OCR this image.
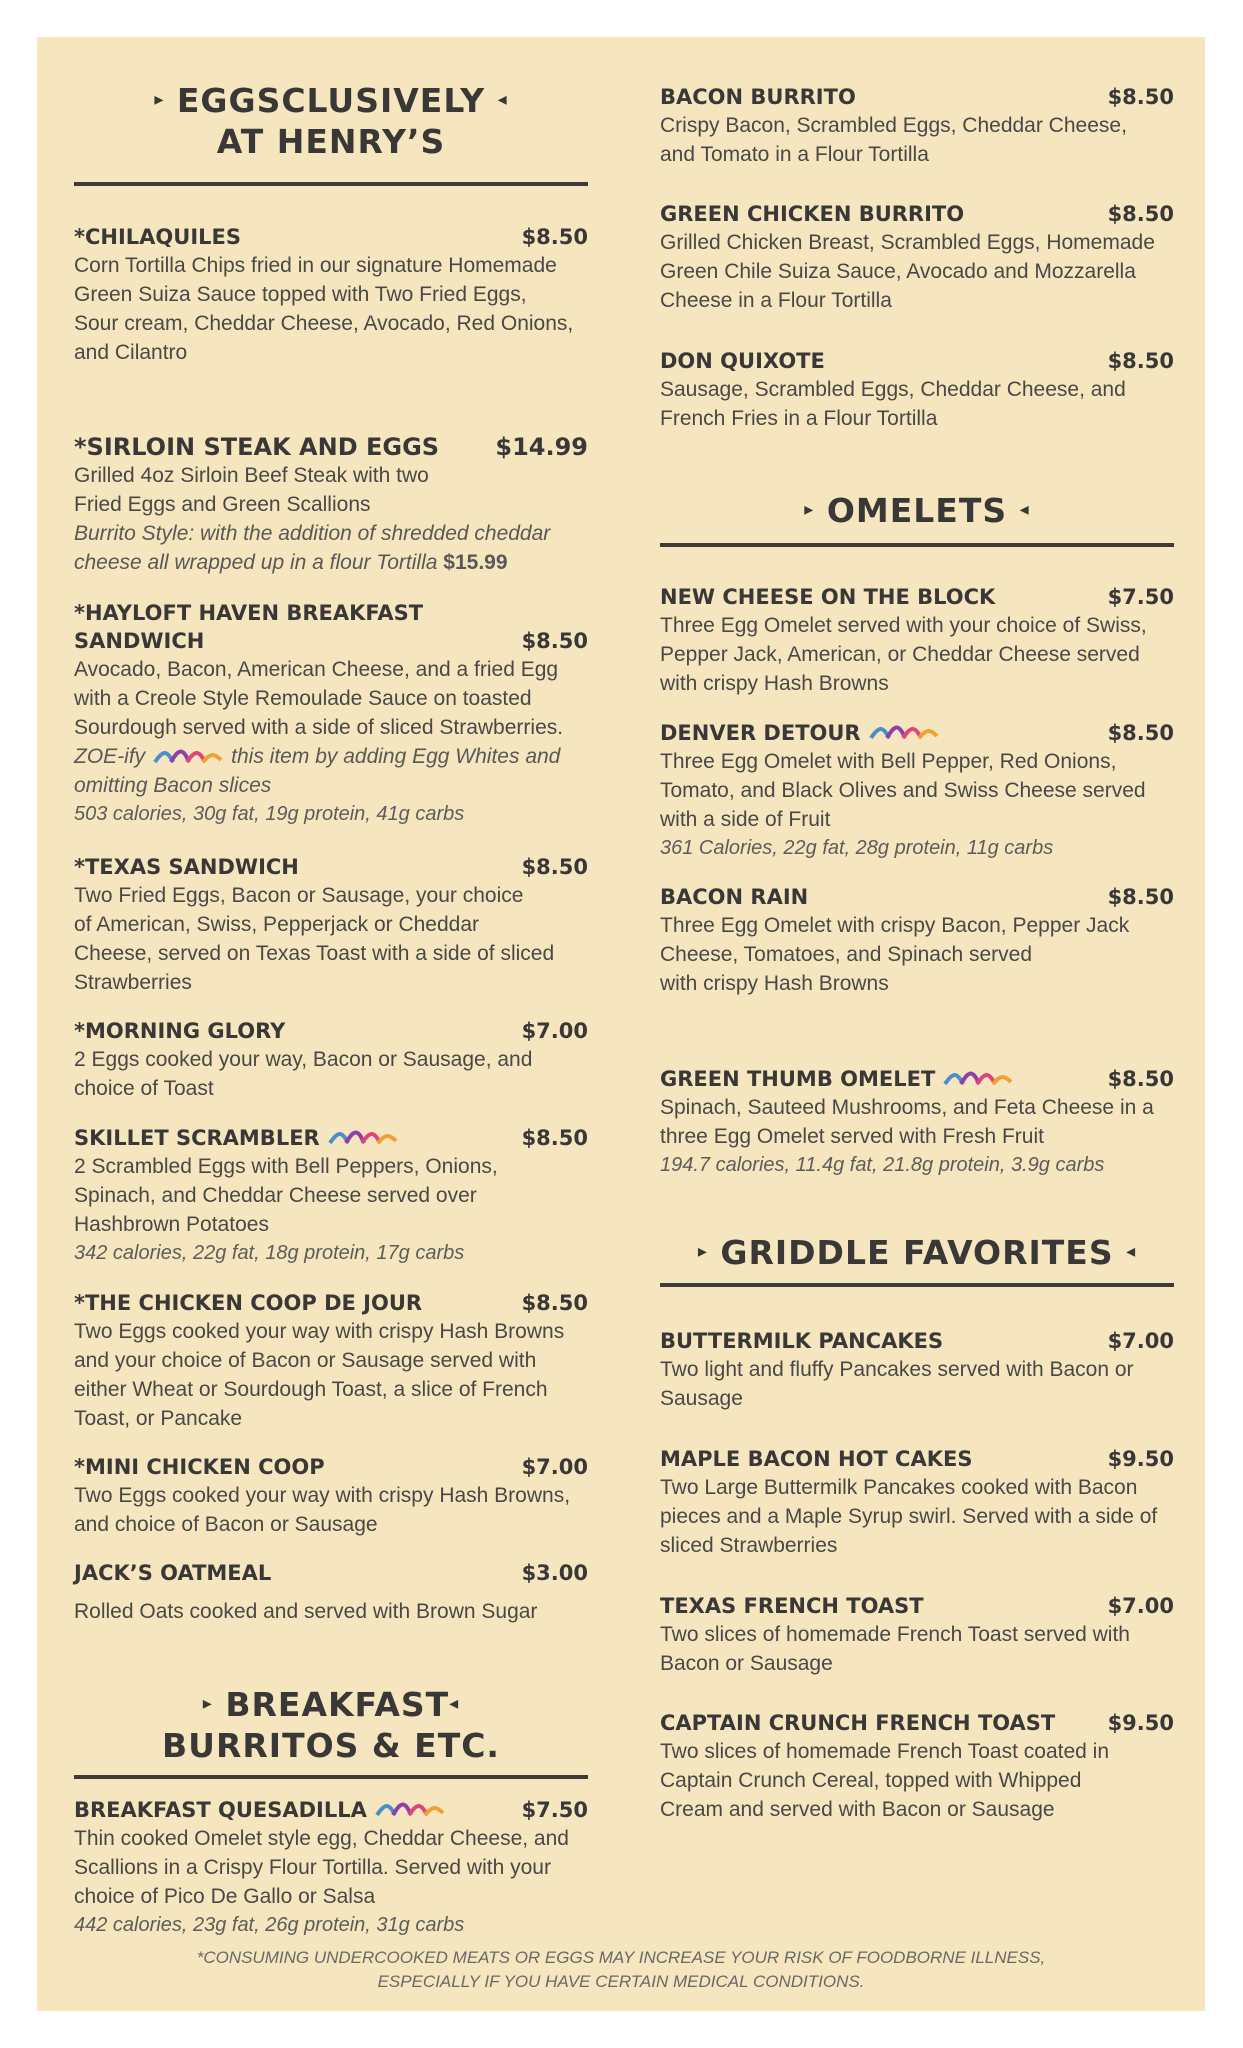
▸ EGGSCLUSIVELY ◂
AT HENRY’S
*CHILAQUILES	$8.50

Corn Tortilla Chips fried in our signature Homemade

Green Suiza Sauce topped with Two Fried Eggs,

Sour cream, Cheddar Cheese, Avocado, Red Onions,

and Cilantro

*SIRLOIN STEAK AND EGGS $14.99

Grilled 4oz Sirloin Beef Steak with two

Fried Eggs and Green Scallions

Burrito Style: with the addition of shredded cheddar

cheese all wrapped up in a flour Tortilla $15.99

*HAYLOFT HAVEN BREAKFAST
SANDWICH	$8.50

Avocado, Bacon, American Cheese, and a fried Egg

with a Creole Style Remoulade Sauce on toasted

Sourdough served with a side of sliced Strawberries.

ZOE-ify	this item by adding Egg Whites and

omitting Bacon slices

503 calories, 30g fat, 19g protein, 41g carbs

*TEXAS SANDWICH	$8.50

Two Fried Eggs, Bacon or Sausage, your choice

of American, Swiss, Pepperjack or Cheddar

Cheese, served on Texas Toast with a side of sliced

Strawberries

*MORNING GLORY	$7.00

2 Eggs cooked your way, Bacon or Sausage, and

choice of Toast

SKILLET SCRAMBLER	$8.50

2 Scrambled Eggs with Bell Peppers, Onions,

Spinach, and Cheddar Cheese served over

Hashbrown Potatoes

342 calories, 22g fat, 18g protein, 17g carbs

*THE CHICKEN COOP DE JOUR	$8.50

Two Eggs cooked your way with crispy Hash Browns

and your choice of Bacon or Sausage served with

either Wheat or Sourdough Toast, a slice of French

Toast, or Pancake

*MINI CHICKEN COOP	$7.00

Two Eggs cooked your way with crispy Hash Browns,

and choice of Bacon or Sausage

JACK’S OATMEAL	$3.00

Rolled Oats cooked and served with Brown Sugar

▸ BREAKFAST◂
BURRITOS & ETC.
BREAKFAST QUESADILLA	$7.50

Thin cooked Omelet style egg, Cheddar Cheese, and

Scallions in a Crispy Flour Tortilla. Served with your

choice of Pico De Gallo or Salsa

442 calories, 23g fat, 26g protein, 31g carbs

BACON BURRITO	$8.50

Crispy Bacon, Scrambled Eggs, Cheddar Cheese,

and Tomato in a Flour Tortilla

GREEN CHICKEN BURRITO	$8.50

Grilled Chicken Breast, Scrambled Eggs, Homemade

Green Chile Suiza Sauce, Avocado and Mozzarella

Cheese in a Flour Tortilla

DON QUIXOTE	$8.50

Sausage, Scrambled Eggs, Cheddar Cheese, and

French Fries in a Flour Tortilla

▸ OMELETS ◂
NEW CHEESE ON THE BLOCK	$7.50

Three Egg Omelet served with your choice of Swiss,

Pepper Jack, American, or Cheddar Cheese served

with crispy Hash Browns

DENVER DETOUR	$8.50

Three Egg Omelet with Bell Pepper, Red Onions,

Tomato, and Black Olives and Swiss Cheese served

with a side of Fruit

361 Calories, 22g fat, 28g protein, 11g carbs

BACON RAIN	$8.50

Three Egg Omelet with crispy Bacon, Pepper Jack

Cheese, Tomatoes, and Spinach served

with crispy Hash Browns

GREEN THUMB OMELET	$8.50

Spinach, Sauteed Mushrooms, and Feta Cheese in a

three Egg Omelet served with Fresh Fruit

194.7 calories, 11.4g fat, 21.8g protein, 3.9g carbs

▸ GRIDDLE FAVORITES ◂
BUTTERMILK PANCAKES	$7.00

Two light and fluffy Pancakes served with Bacon or

Sausage

MAPLE BACON HOT CAKES	$9.50

Two Large Buttermilk Pancakes cooked with Bacon

pieces and a Maple Syrup swirl. Served with a side of

sliced Strawberries

TEXAS FRENCH TOAST	$7.00

Two slices of homemade French Toast served with

Bacon or Sausage

CAPTAIN CRUNCH FRENCH TOAST $9.50

Two slices of homemade French Toast coated in

Captain Crunch Cereal, topped with Whipped

Cream and served with Bacon or Sausage

*CONSUMING UNDERCOOKED MEATS OR EGGS MAY INCREASE YOUR RISK OF FOODBORNE ILLNESS,
ESPECIALLY IF YOU HAVE CERTAIN MEDICAL CONDITIONS.
